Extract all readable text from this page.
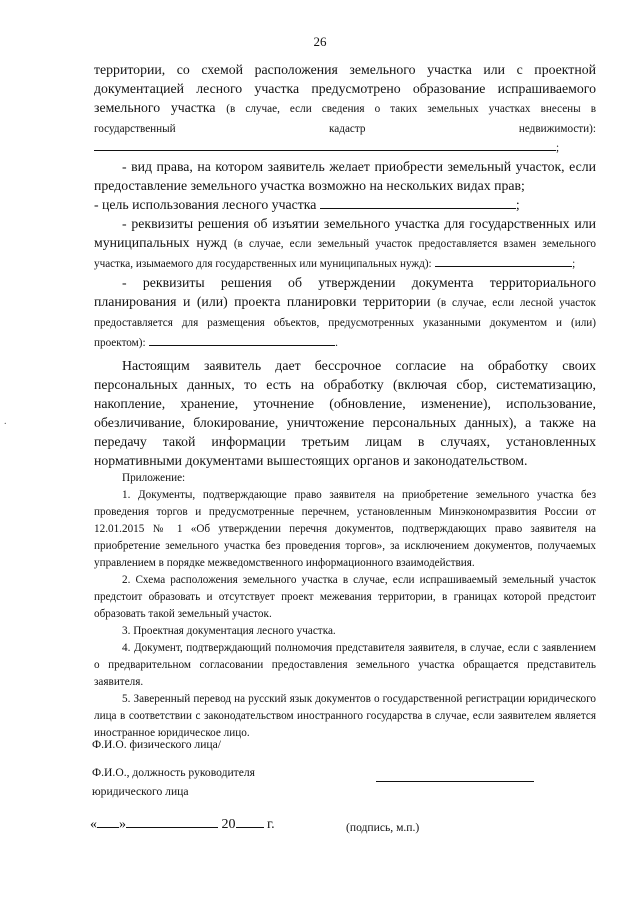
26

территории, со схемой расположения земельного участка или с проектной документацией лесного участка предусмотрено образование испрашиваемого земельного участка (в случае, если сведения о таких земельных участках внесены в государственный кадастр недвижимости):

;

- вид права, на котором заявитель желает приобрести земельный участок, если предоставление земельного участка возможно на нескольких видах прав;

- цель использования лесного участка	;

- реквизиты решения об изъятии земельного участка для государственных или муниципальных нужд (в случае, если земельный участок предоставляется взамен земельного участка, изымаемого для государственных или муниципальных нужд):	;

- реквизиты решения об утверждении документа территориального планирования и (или) проекта планировки территории (в случае, если лесной участок предоставляется для размещения объектов, предусмотренных указанными документом и (или) проектом):	.

Настоящим заявитель дает бессрочное согласие на обработку своих персональных данных, то есть на обработку (включая сбор, систематизацию, накопление, хранение, уточнение (обновление, изменение), использование, обезличивание, блокирование, уничтожение персональных данных), а также на передачу такой информации третьим лицам в случаях, установленных нормативными документами вышестоящих органов и законодательством.

Приложение:

1. Документы, подтверждающие право заявителя на приобретение земельного участка без проведения торгов и предусмотренные перечнем, установленным Минэкономразвития России от 12.01.2015 № 1 «Об утверждении перечня документов, подтверждающих право заявителя на приобретение земельного участка без проведения торгов», за исключением документов, получаемых управлением в порядке межведомственного информационного взаимодействия.

2. Схема расположения земельного участка в случае, если испрашиваемый земельный участок предстоит образовать и отсутствует проект межевания территории, в границах которой предстоит образовать такой земельный участок.

3. Проектная документация лесного участка.

4. Документ, подтверждающий полномочия представителя заявителя, в случае, если с заявлением о предварительном согласовании предоставления земельного участка обращается представитель заявителя.

5. Заверенный перевод на русский язык документов о государственной регистрации юридического лица в соответствии с законодательством иностранного государства в случае, если заявителем является иностранное юридическое лицо.

Ф.И.О. физического лица/
Ф.И.О., должность руководителя
юридического лица
(подпись, м.п.)
« »	20 г.
.
